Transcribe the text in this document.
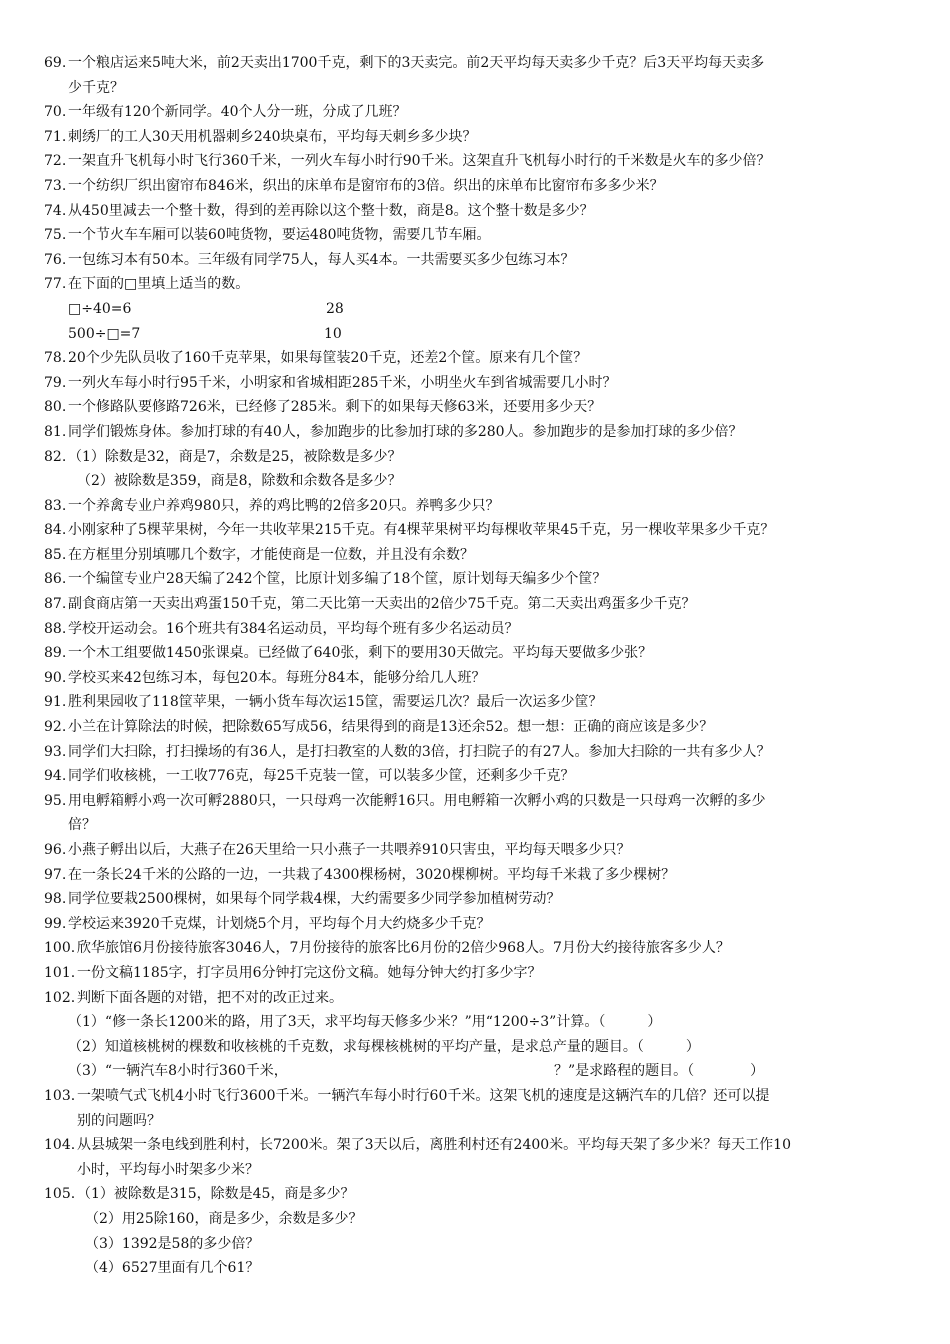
69. 一个粮店运来5吨大米，前2天卖出1700千克，剩下的3天卖完。前2天平均每天卖多少千克？后3天平均每天卖多
少千克？
70. 一年级有120个新同学。40个人分一班，分成了几班？
71. 刺绣厂的工人30天用机器刺乡240块桌布，平均每天刺乡多少块？
72. 一架直升飞机每小时飞行360千米，一列火车每小时行90千米。这架直升飞机每小时行的千米数是火车的多少倍？
73. 一个纺织厂织出窗帘布846米，织出的床单布是窗帘布的3倍。织出的床单布比窗帘布多多少米？
74. 从450里减去一个整十数，得到的差再除以这个整十数，商是8。这个整十数是多少？
75. 一个节火车车厢可以装60吨货物，要运480吨货物，需要几节车厢。
76. 一包练习本有50本。三年级有同学75人，每人买4本。一共需要买多少包练习本？
77. 在下面的□里填上适当的数。
□÷40=6	28
500÷□=7	10
78. 20个少先队员收了160千克苹果，如果每筐装20千克，还差2个筐。原来有几个筐？
79. 一列火车每小时行95千米，小明家和省城相距285千米，小明坐火车到省城需要几小时？
80. 一个修路队要修路726米，已经修了285米。剩下的如果每天修63米，还要用多少天？
81. 同学们锻炼身体。参加打球的有40人，参加跑步的比参加打球的多280人。参加跑步的是参加打球的多少倍？
82. （1）除数是32，商是7，余数是25，被除数是多少？
（2）被除数是359，商是8，除数和余数各是多少？
83. 一个养禽专业户养鸡980只，养的鸡比鸭的2倍多20只。养鸭多少只？
84. 小刚家种了5棵苹果树，今年一共收苹果215千克。有4棵苹果树平均每棵收苹果45千克，另一棵收苹果多少千克？
85. 在方框里分别填哪几个数字，才能使商是一位数，并且没有余数？
86. 一个编筐专业户28天编了242个筐，比原计划多编了18个筐，原计划每天编多少个筐？
87. 副食商店第一天卖出鸡蛋150千克，第二天比第一天卖出的2倍少75千克。第二天卖出鸡蛋多少千克？
88. 学校开运动会。16个班共有384名运动员，平均每个班有多少名运动员？
89. 一个木工组要做1450张课桌。已经做了640张，剩下的要用30天做完。平均每天要做多少张？
90. 学校买来42包练习本，每包20本。每班分84本，能够分给几人班？
91. 胜利果园收了118筐苹果，一辆小货车每次运15筐，需要运几次？最后一次运多少筐？
92. 小兰在计算除法的时候，把除数65写成56，结果得到的商是13还余52。想一想：正确的商应该是多少？
93. 同学们大扫除，打扫操场的有36人，是打扫教室的人数的3倍，打扫院子的有27人。参加大扫除的一共有多少人？
94. 同学们收核桃，一工收776克，每25千克装一筐，可以装多少筐，还剩多少千克？
95. 用电孵箱孵小鸡一次可孵2880只，一只母鸡一次能孵16只。用电孵箱一次孵小鸡的只数是一只母鸡一次孵的多少
倍？
96. 小燕子孵出以后，大燕子在26天里给一只小燕子一共喂养910只害虫，平均每天喂多少只？
97. 在一条长24千米的公路的一边，一共栽了4300棵杨树，3020棵柳树。平均每千米栽了多少棵树？
98. 同学位要栽2500棵树，如果每个同学栽4棵，大约需要多少同学参加植树劳动？
99. 学校运来3920千克煤，计划烧5个月，平均每个月大约烧多少千克？
100. 欣华旅馆6月份接待旅客3046人，7月份接待的旅客比6月份的2倍少968人。7月份大约接待旅客多少人？
101. 一份文稿1185字，打字员用6分钟打完这份文稿。她每分钟大约打多少字？
102. 判断下面各题的对错，把不对的改正过来。
（1）“修一条长1200米的路，用了3天，求平均每天修多少米？”用“1200÷3”计算。（　　　）
（2）知道核桃树的棵数和收核桃的千克数，求每棵核桃树的平均产量，是求总产量的题目。（　　　）
（3）“一辆汽车8小时行360千米，	？”是求路程的题目。（　　　　）
103. 一架喷气式飞机4小时飞行3600千米。一辆汽车每小时行60千米。这架飞机的速度是这辆汽车的几倍？还可以提
别的问题吗？
104. 从县城架一条电线到胜利村，长7200米。架了3天以后，离胜利村还有2400米。平均每天架了多少米？每天工作10
小时，平均每小时架多少米？
105. （1）被除数是315，除数是45，商是多少？
（2）用25除160，商是多少，余数是多少？
（3）1392是58的多少倍？
（4）6527里面有几个61？
